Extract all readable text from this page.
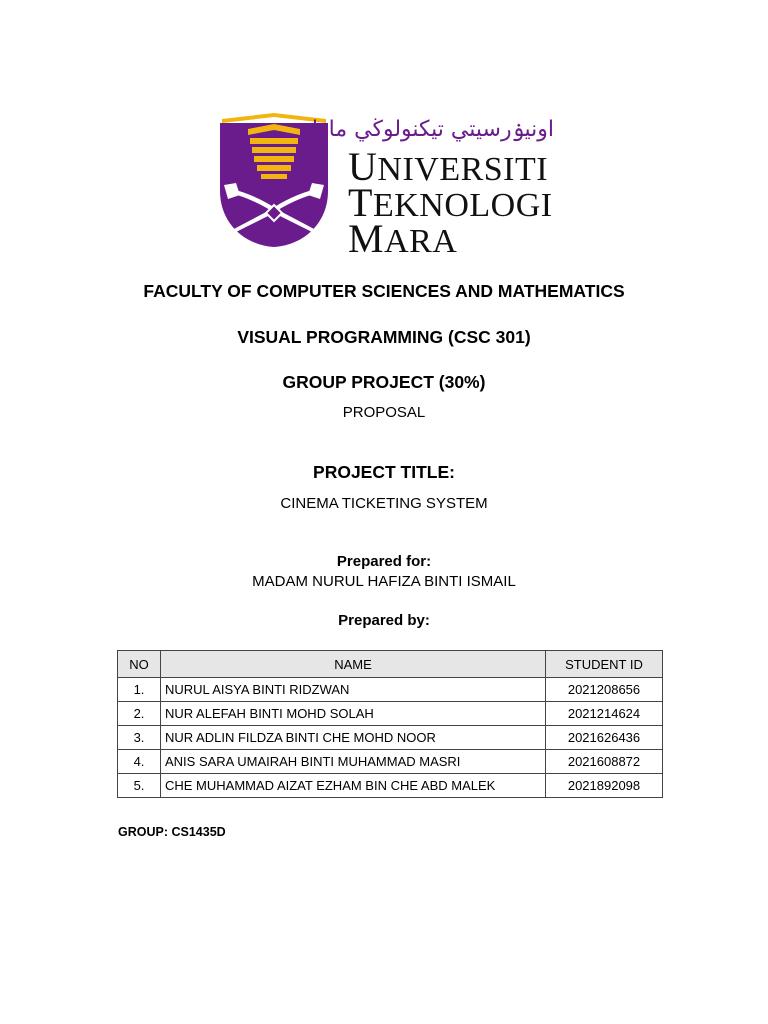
اونيۏرسيتي تيكنولوڬي مارا
UNIVERSITI
TEKNOLOGI
MARA
FACULTY OF COMPUTER SCIENCES AND MATHEMATICS
VISUAL PROGRAMMING (CSC 301)
GROUP PROJECT (30%)
PROPOSAL
PROJECT TITLE:
CINEMA TICKETING SYSTEM
Prepared for:
MADAM NURUL HAFIZA BINTI ISMAIL
Prepared by:
NO	NAME	STUDENT ID
1.	NURUL AISYA BINTI RIDZWAN	2021208656
2.	NUR ALEFAH BINTI MOHD SOLAH	2021214624
3.	NUR ADLIN FILDZA BINTI CHE MOHD NOOR	2021626436
4.	ANIS SARA UMAIRAH BINTI MUHAMMAD MASRI	2021608872
5.	CHE MUHAMMAD AIZAT EZHAM BIN CHE ABD MALEK	2021892098
GROUP: CS1435D
